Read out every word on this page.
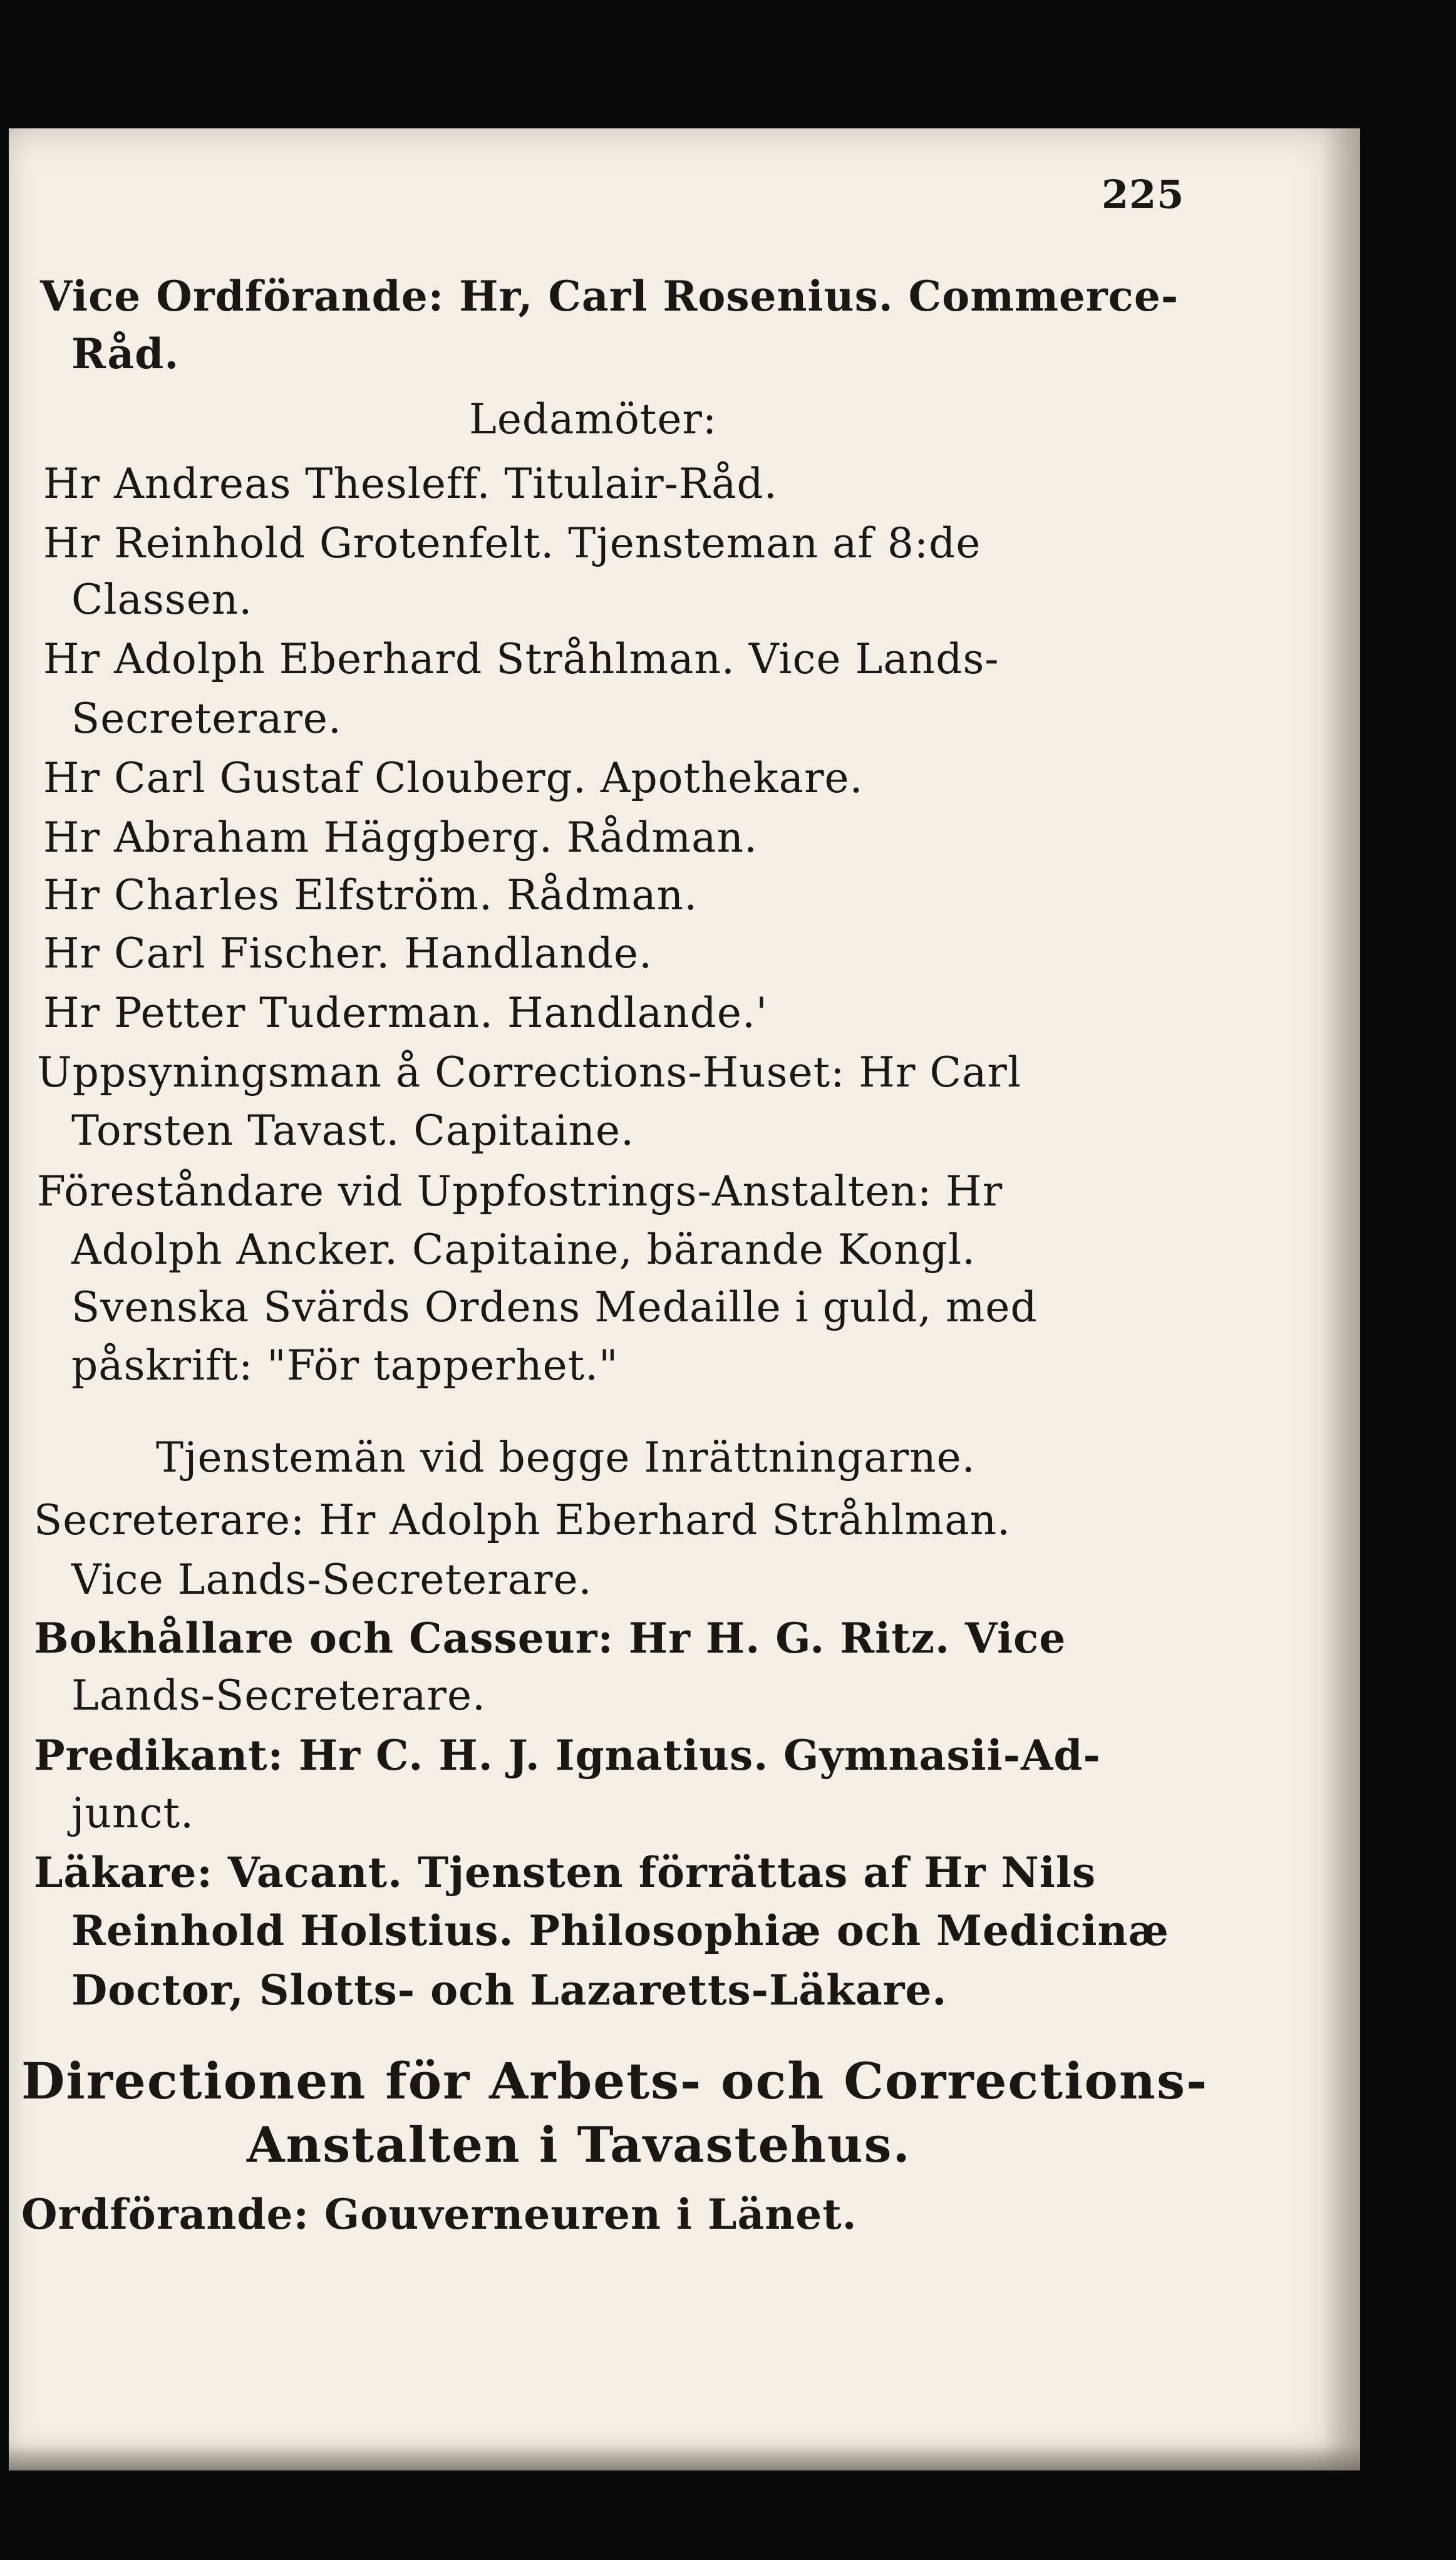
225
Vice Ordförande: Hr, Carl Rosenius. Commerce-
Råd.
Ledamöter:
Hr Andreas Thesleff. Titulair-Råd.
Hr Reinhold Grotenfelt. Tjensteman af 8:de
Classen.
Hr Adolph Eberhard Stråhlman. Vice Lands-
Secreterare.
Hr Carl Gustaf Clouberg. Apothekare.
Hr Abraham Häggberg. Rådman.
Hr Charles Elfström. Rådman.
Hr Carl Fischer. Handlande.
Hr Petter Tuderman. Handlande.'
Uppsyningsman å Corrections-Huset: Hr Carl
Torsten Tavast. Capitaine.
Föreståndare vid Uppfostrings-Anstalten: Hr
Adolph Ancker. Capitaine, bärande Kongl.
Svenska Svärds Ordens Medaille i guld, med
påskrift: "För tapperhet."
Tjenstemän vid begge Inrättningarne.
Secreterare: Hr Adolph Eberhard Stråhlman.
Vice Lands-Secreterare.
Bokhållare och Casseur: Hr H. G. Ritz. Vice
Lands-Secreterare.
Predikant: Hr C. H. J. Ignatius. Gymnasii-Ad-
junct.
Läkare: Vacant. Tjensten förrättas af Hr Nils
Reinhold Holstius. Philosophiæ och Medicinæ
Doctor, Slotts- och Lazaretts-Läkare.
Directionen för Arbets- och Corrections-
Anstalten i Tavastehus.
Ordförande: Gouverneuren i Länet.
